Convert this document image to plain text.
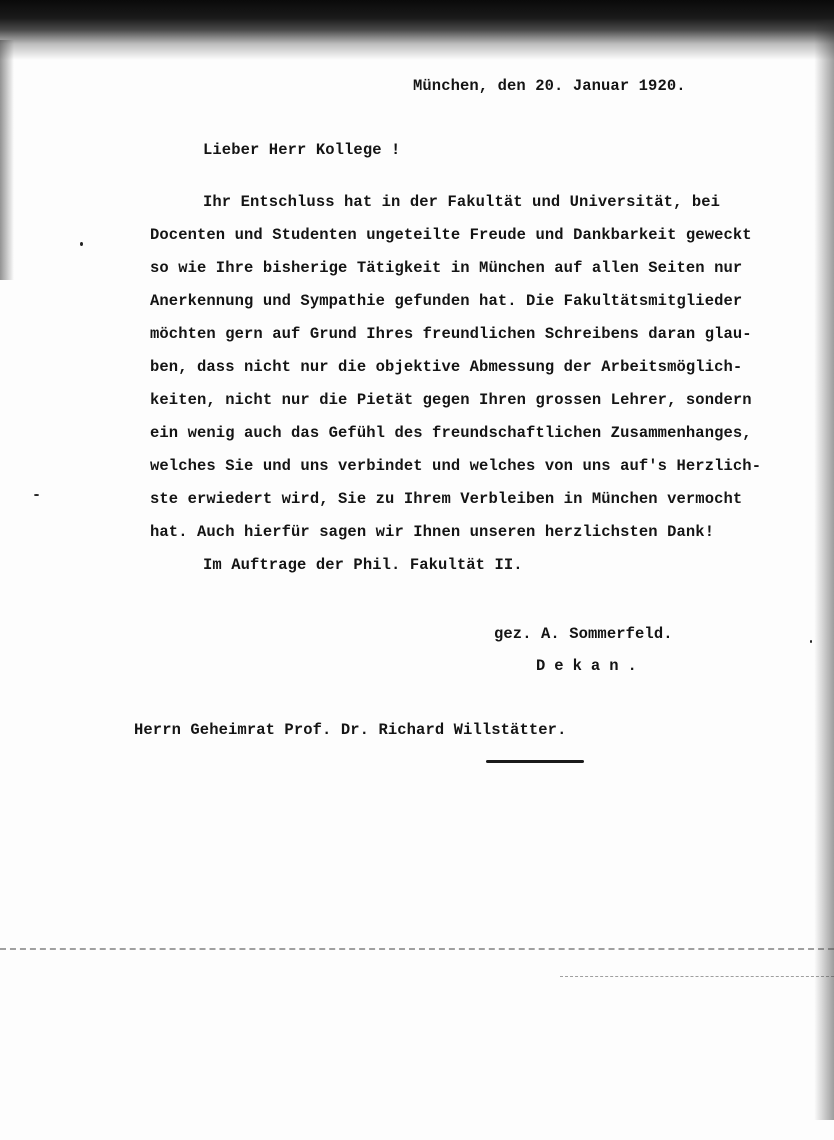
München, den 20. Januar 1920.
Lieber Herr Kollege !
Ihr Entschluss hat in der Fakultät und Universität, bei
Docenten und Studenten ungeteilte Freude und Dankbarkeit geweckt
so wie Ihre bisherige Tätigkeit in München auf allen Seiten nur
Anerkennung und Sympathie gefunden hat. Die Fakultätsmitglieder
möchten gern auf Grund Ihres freundlichen Schreibens daran glau-
ben, dass nicht nur die objektive Abmessung der Arbeitsmöglich-
keiten, nicht nur die Pietät gegen Ihren grossen Lehrer, sondern
ein wenig auch das Gefühl des freundschaftlichen Zusammenhanges,
welches Sie und uns verbindet und welches von uns auf's Herzlich-
ste erwiedert wird, Sie zu Ihrem Verbleiben in München vermocht
hat. Auch hierfür sagen wir Ihnen unseren herzlichsten Dank!
Im Auftrage der Phil. Fakultät II.
gez. A. Sommerfeld.
Dekan.
Herrn Geheimrat Prof. Dr. Richard Willstätter.
